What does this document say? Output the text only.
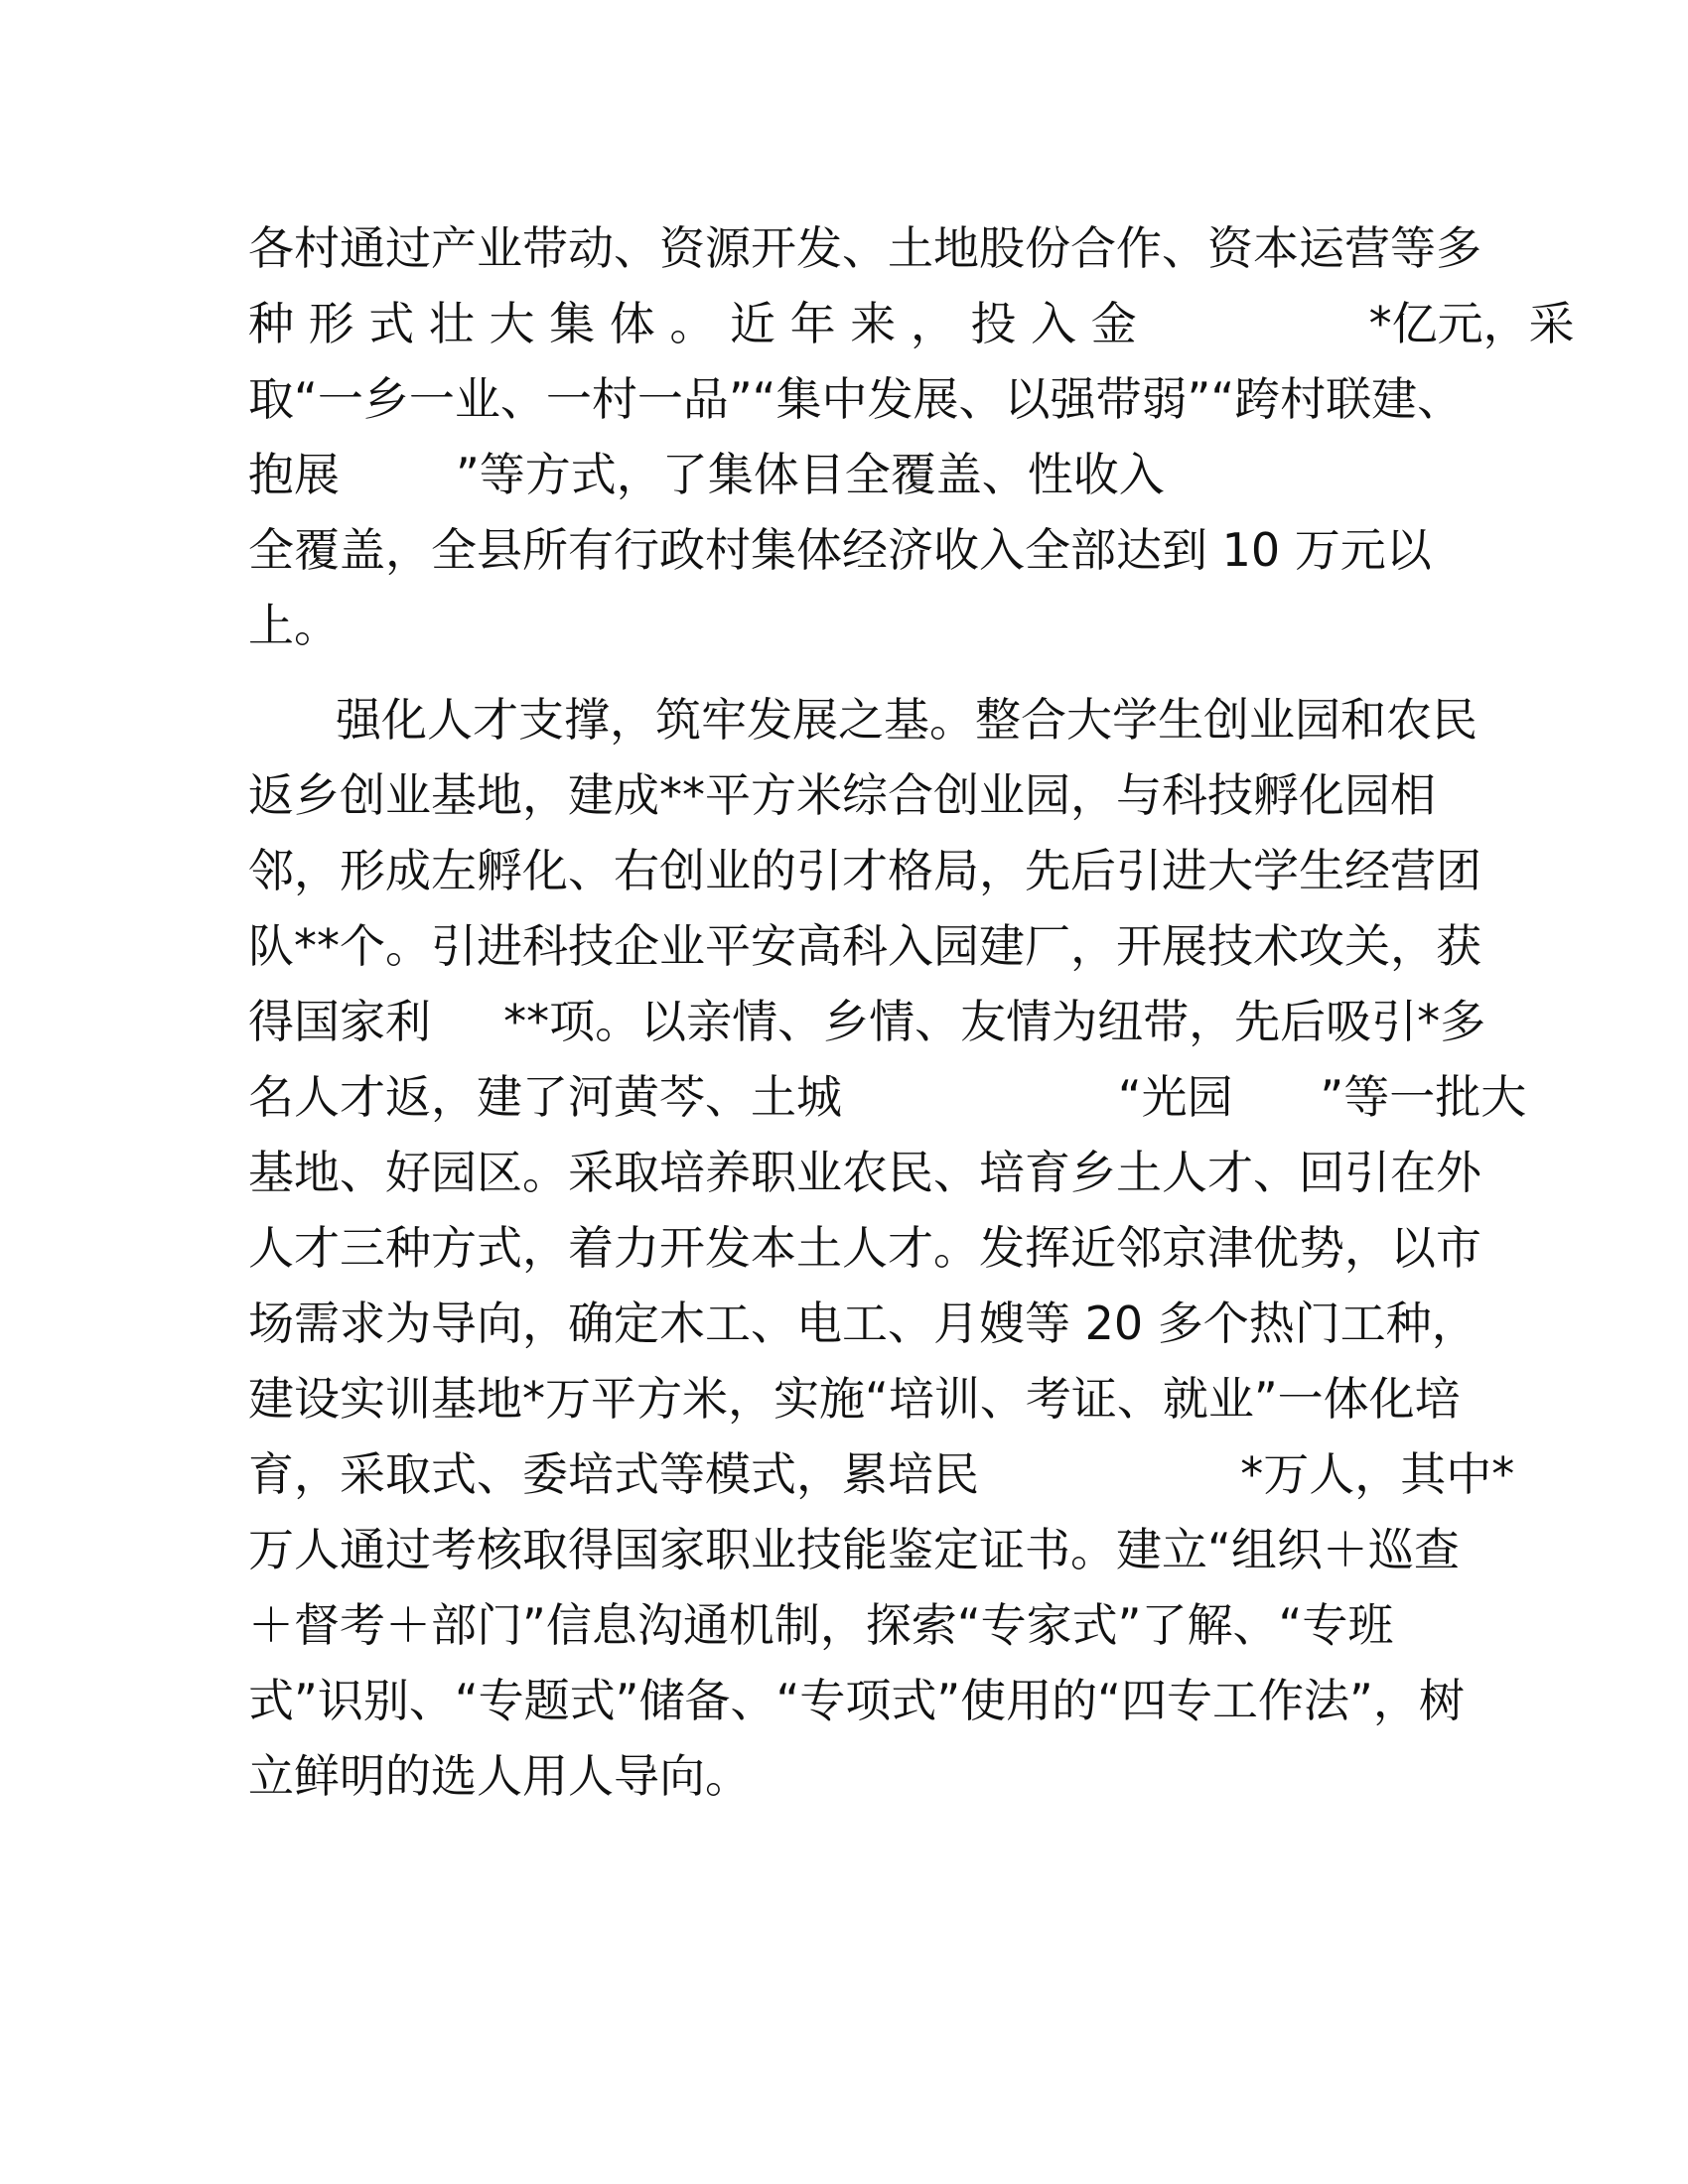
各村通过产业带动、资源开发、土地股份合作、资本运营等多
种 形 式 壮 大 集 体 。 近 年 来 ， 投 入 金                *亿元，采
取“一乡一业、一村一品”“集中发展、以强带弱”“跨村联建、
抱展        ”等方式，了集体目全覆盖、性收入
全覆盖，全县所有行政村集体经济收入全部达到 10 万元以
上。
强化人才支撑，筑牢发展之基。整合大学生创业园和农民
返乡创业基地，建成**平方米综合创业园，与科技孵化园相
邻，形成左孵化、右创业的引才格局，先后引进大学生经营团
队**个。引进科技企业平安高科入园建厂，开展技术攻关，获
得国家利     **项。以亲情、乡情、友情为纽带，先后吸引*多
名人才返，建了河黄芩、土城                   “光园      ”等一批大
基地、好园区。采取培养职业农民、培育乡土人才、回引在外
人才三种方式，着力开发本土人才。发挥近邻京津优势，以市
场需求为导向，确定木工、电工、月嫂等 20 多个热门工种，
建设实训基地*万平方米，实施“培训、考证、就业”一体化培
育，采取式、委培式等模式，累培民                  *万人，其中*
万人通过考核取得国家职业技能鉴定证书。建立“组织＋巡查
＋督考＋部门”信息沟通机制，探索“专家式”了解、“专班
式”识别、“专题式”储备、“专项式”使用的“四专工作法”，树
立鲜明的选人用人导向。
